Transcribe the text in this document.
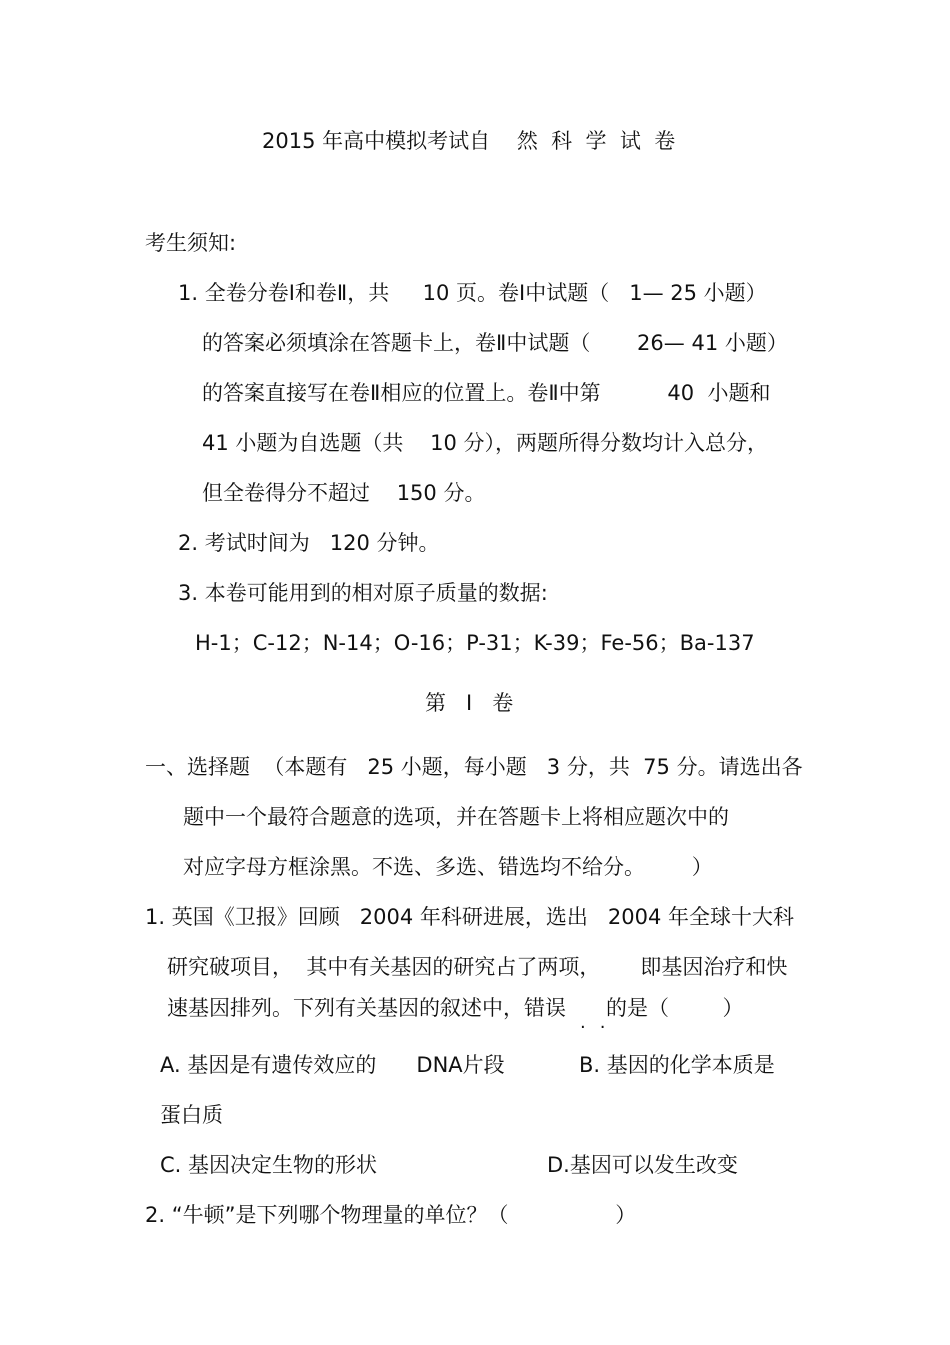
2015 年高中模拟考试自    然  科  学  试  卷
考生须知:
1. 全卷分卷Ⅰ和卷Ⅱ，共     10 页。卷Ⅰ中试题（   1— 25 小题）
的答案必须填涂在答题卡上，卷Ⅱ中试题（       26— 41 小题）
的答案直接写在卷Ⅱ相应的位置上。卷Ⅱ中第          40  小题和
41 小题为自选题（共    10 分），两题所得分数均计入总分，
但全卷得分不超过    150 分。
2. 考试时间为   120 分钟。
3. 本卷可能用到的相对原子质量的数据:
H-1；C-12；N-14；O-16；P-31；K-39；Fe-56；Ba-137
第   Ⅰ   卷
一、选择题  （本题有   25 小题，每小题   3 分，共  75 分。请选出各
题中一个最符合题意的选项，并在答题卡上将相应题次中的
对应字母方框涂黑。不选、多选、错选均不给分。       ）
1. 英国《卫报》回顾   2004 年科研进展，选出   2004 年全球十大科
研究破项目，  其中有关基因的研究占了两项，      即基因治疗和快
速基因排列。下列有关基因的叙述中，错误      的是（        ）
··
A. 基因是有遗传效应的      DNA片段	B. 基因的化学本质是
蛋白质
C. 基因决定生物的形状	D.基因可以发生改变
2. “牛顿”是下列哪个物理量的单位？（                ）
